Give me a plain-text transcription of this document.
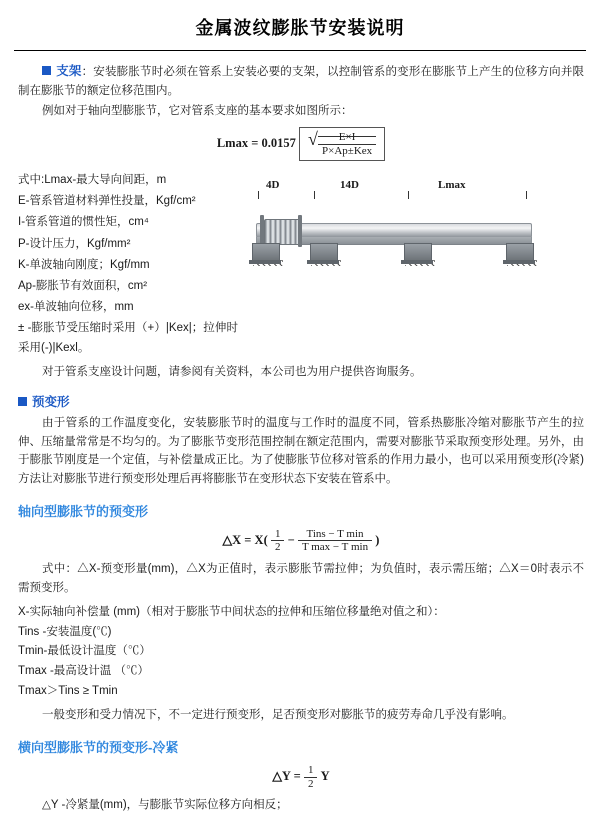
金属波纹膨胀节安装说明
支架：安装膨胀节时必须在管系上安装必要的支架，以控制管系的变形在膨胀节上产生的位移方向并限制在膨胀节的额定位移范围内。
例如对于轴向型膨胀节，它对管系支座的基本要求如图所示：
Lmax = 0.0157 √ $\frac{E\times I}{\text{P×Ap±Kex}}$
式中:Lmax-最大导向间距，m
E-管系管道材料弹性投量，Kgf/cm²
I-管系管道的惯性矩，cm⁴
P-设计压力，Kgf/mm²
K-单波轴向刚度；Kgf/mm
Ap-膨胀节有效面积，cm²
ex-单波轴向位移，mm
± -膨胀节受压缩时采用（+）|Kex|；拉伸时采用(-)|Kexl。
4D	14D	Lmax
对于管系支座设计问题，请参阅有关资料，本公司也为用户提供咨询服务。
预变形
由于管系的工作温度变化，安装膨胀节时的温度与工作时的温度不同，管系热膨胀冷缩对膨胀节产生的拉伸、压缩量常常是不均匀的。为了膨胀节变形范围控制在额定范围内，需要对膨胀节采取预变形处理。另外，由于膨胀节刚度是一个定值，与补偿量成正比。为了使膨胀节位移对管系的作用力最小，也可以采用预变形(冷紧)方法让对膨胀节进行预变形处理后再将膨胀节在变形状态下安装在管系中。
轴向型膨胀节的预变形
△X = $X( \frac{1}{2} - \frac{\text{Tins − T min}}{\text{T max − T min}}$ )
式中：△X-预变形量(mm)，△X为正值时，表示膨胀节需拉伸；为负值时，表示需压缩；△X＝0时表示不需预变形。
X-实际轴向补偿量 (mm)（相对于膨胀节中间状态的拉伸和压缩位移量绝对值之和）：
Tins -安装温度(℃)
Tmin-最低设计温度（℃）
Tmax -最高设计温 （℃）
Tmax＞Tins ≥ Tmin
一般变形和受力情况下，不一定进行预变形，足否预变形对膨胀节的疲劳寿命几乎没有影响。
横向型膨胀节的预变形-冷紧
△Y = $\frac{1}{2}$ Y
△Y -冷紧量(mm)，与膨胀节实际位移方向相反；
